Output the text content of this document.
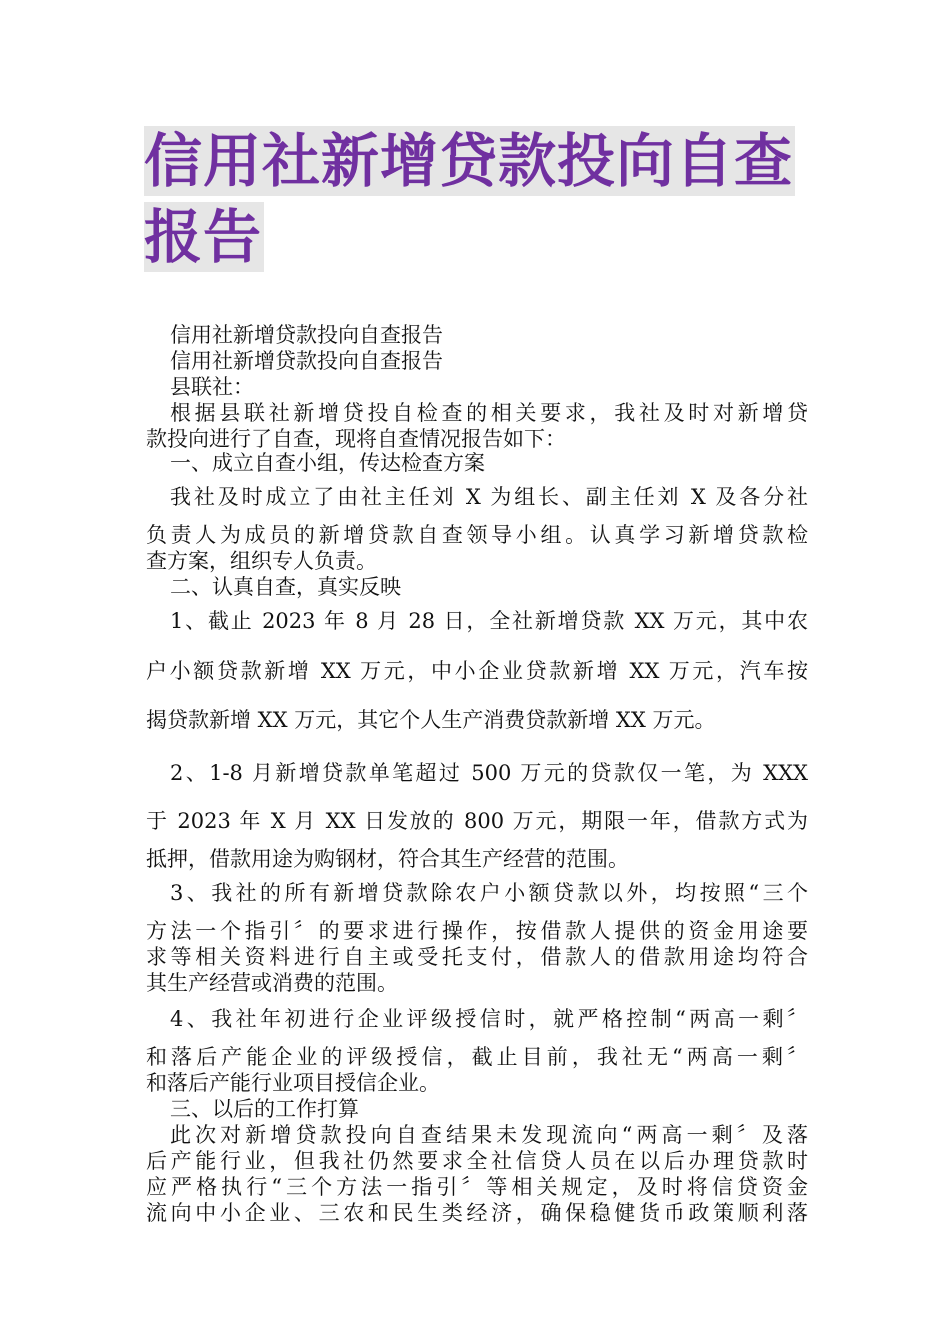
信用社新增贷款投向自查
报告
信用社新增贷款投向自查报告
信用社新增贷款投向自查报告
县联社：
根据县联社新增贷投自检查的相关要求，我社及时对新增贷
款投向进行了自查，现将自查情况报告如下：
一、成立自查小组，传达检查方案
我社及时成立了由社主任刘 X 为组长、副主任刘 X 及各分社
负责人为成员的新增贷款自查领导小组。认真学习新增贷款检
查方案，组织专人负责。
二、认真自查，真实反映
1、截止 2023 年 8 月 28 日，全社新增贷款 XX 万元，其中农
户小额贷款新增 XX 万元，中小企业贷款新增 XX 万元，汽车按
揭贷款新增 XX 万元，其它个人生产消费贷款新增 XX 万元。
2、1-8 月新增贷款单笔超过 500 万元的贷款仅一笔，为 XXX
于 2023 年 X 月 XX 日发放的 800 万元，期限一年，借款方式为
抵押，借款用途为购钢材，符合其生产经营的范围。
3、我社的所有新增贷款除农户小额贷款以外，均按照“三个
方法一个指引〞的要求进行操作，按借款人提供的资金用途要
求等相关资料进行自主或受托支付，借款人的借款用途均符合
其生产经营或消费的范围。
4、我社年初进行企业评级授信时，就严格控制“两高一剩〞
和落后产能企业的评级授信，截止目前，我社无“两高一剩〞
和落后产能行业项目授信企业。
三、以后的工作打算
此次对新增贷款投向自查结果未发现流向“两高一剩〞及落
后产能行业，但我社仍然要求全社信贷人员在以后办理贷款时
应严格执行“三个方法一指引〞等相关规定，及时将信贷资金
流向中小企业、三农和民生类经济，确保稳健货币政策顺利落
